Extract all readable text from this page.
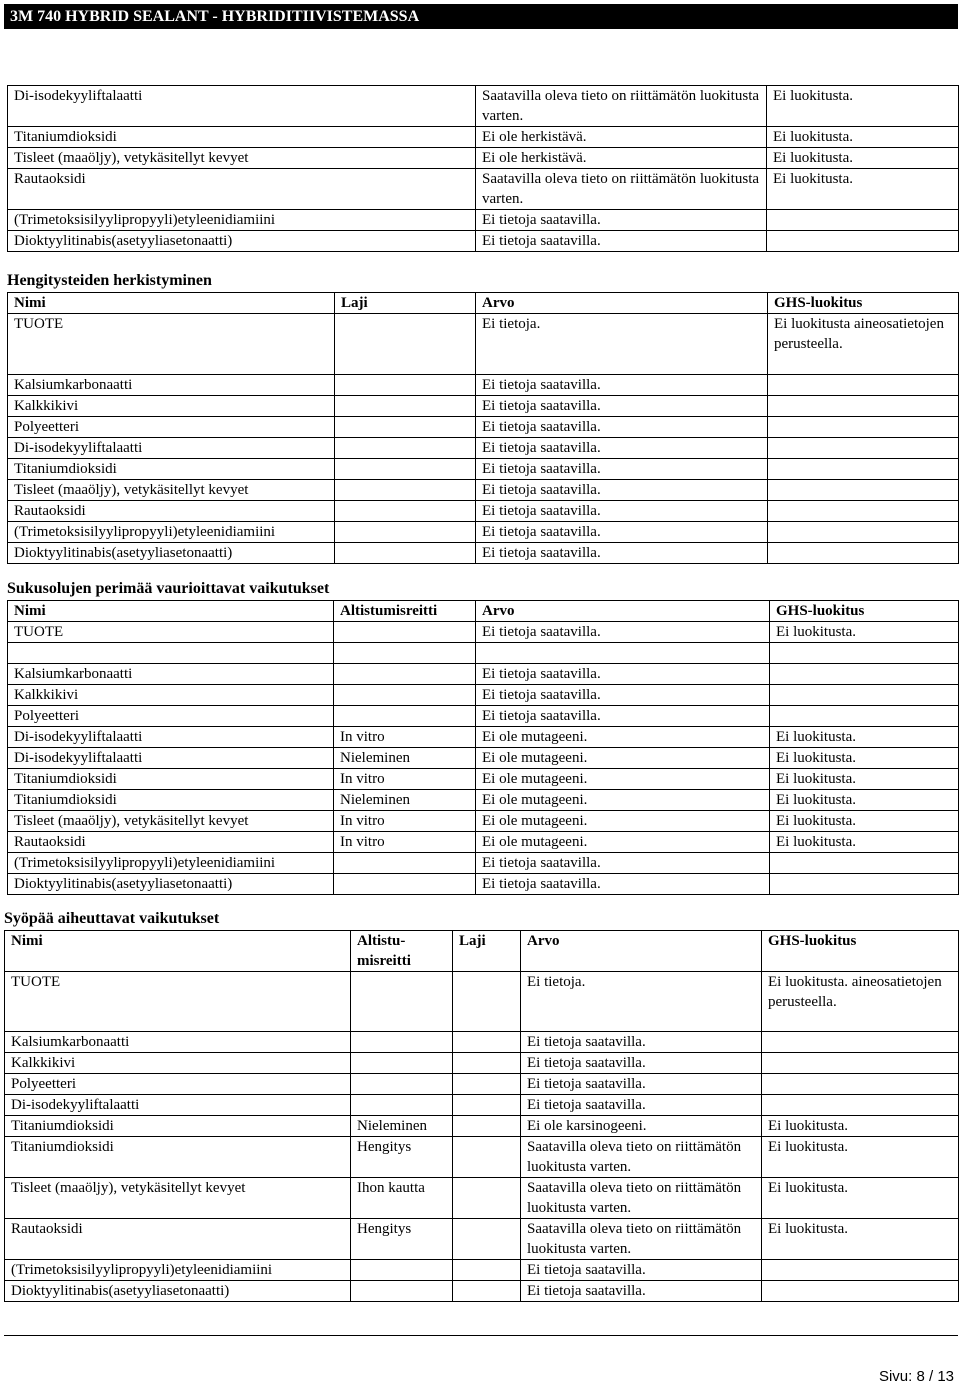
3M 740 HYBRID SEALANT - HYBRIDITIIVISTEMASSA
Di-isodekyyliftalaatti	Saatavilla oleva tieto on riittämätön luokitusta varten.	Ei luokitusta.
Titaniumdioksidi	Ei ole herkistävä.	Ei luokitusta.
Tisleet (maaöljy), vetykäsitellyt kevyet	Ei ole herkistävä.	Ei luokitusta.
Rautaoksidi	Saatavilla oleva tieto on riittämätön luokitusta varten.	Ei luokitusta.
(Trimetoksisilyylipropyyli)etyleenidiamiini	Ei tietoja saatavilla.	
Dioktyylitinabis(asetyyliasetonaatti)	Ei tietoja saatavilla.	
Hengitysteiden herkistyminen
Nimi	Laji	Arvo	GHS-luokitus
TUOTE		Ei tietoja.	Ei luokitusta aineosatietojen perusteella.
Kalsiumkarbonaatti		Ei tietoja saatavilla.	
Kalkkikivi		Ei tietoja saatavilla.	
Polyeetteri		Ei tietoja saatavilla.	
Di-isodekyyliftalaatti		Ei tietoja saatavilla.	
Titaniumdioksidi		Ei tietoja saatavilla.	
Tisleet (maaöljy), vetykäsitellyt kevyet		Ei tietoja saatavilla.	
Rautaoksidi		Ei tietoja saatavilla.	
(Trimetoksisilyylipropyyli)etyleenidiamiini		Ei tietoja saatavilla.	
Dioktyylitinabis(asetyyliasetonaatti)		Ei tietoja saatavilla.	
Sukusolujen perimää vaurioittavat vaikutukset
Nimi	Altistumisreitti	Arvo	GHS-luokitus
TUOTE		Ei tietoja saatavilla.	Ei luokitusta.

Kalsiumkarbonaatti		Ei tietoja saatavilla.	
Kalkkikivi		Ei tietoja saatavilla.	
Polyeetteri		Ei tietoja saatavilla.	
Di-isodekyyliftalaatti	In vitro	Ei ole mutageeni.	Ei luokitusta.
Di-isodekyyliftalaatti	Nieleminen	Ei ole mutageeni.	Ei luokitusta.
Titaniumdioksidi	In vitro	Ei ole mutageeni.	Ei luokitusta.
Titaniumdioksidi	Nieleminen	Ei ole mutageeni.	Ei luokitusta.
Tisleet (maaöljy), vetykäsitellyt kevyet	In vitro	Ei ole mutageeni.	Ei luokitusta.
Rautaoksidi	In vitro	Ei ole mutageeni.	Ei luokitusta.
(Trimetoksisilyylipropyyli)etyleenidiamiini		Ei tietoja saatavilla.	
Dioktyylitinabis(asetyyliasetonaatti)		Ei tietoja saatavilla.	
Syöpää aiheuttavat vaikutukset
Nimi	Altistu-misreitti	Laji	Arvo	GHS-luokitus
TUOTE			Ei tietoja.	Ei luokitusta. aineosatietojen perusteella.
Kalsiumkarbonaatti			Ei tietoja saatavilla.	
Kalkkikivi			Ei tietoja saatavilla.	
Polyeetteri			Ei tietoja saatavilla.	
Di-isodekyyliftalaatti			Ei tietoja saatavilla.	
Titaniumdioksidi	Nieleminen		Ei ole karsinogeeni.	Ei luokitusta.
Titaniumdioksidi	Hengitys		Saatavilla oleva tieto on riittämätön luokitusta varten.	Ei luokitusta.
Tisleet (maaöljy), vetykäsitellyt kevyet	Ihon kautta		Saatavilla oleva tieto on riittämätön luokitusta varten.	Ei luokitusta.
Rautaoksidi	Hengitys		Saatavilla oleva tieto on riittämätön luokitusta varten.	Ei luokitusta.
(Trimetoksisilyylipropyyli)etyleenidiamiini			Ei tietoja saatavilla.	
Dioktyylitinabis(asetyyliasetonaatti)			Ei tietoja saatavilla.	
Sivu: 8 / 13
